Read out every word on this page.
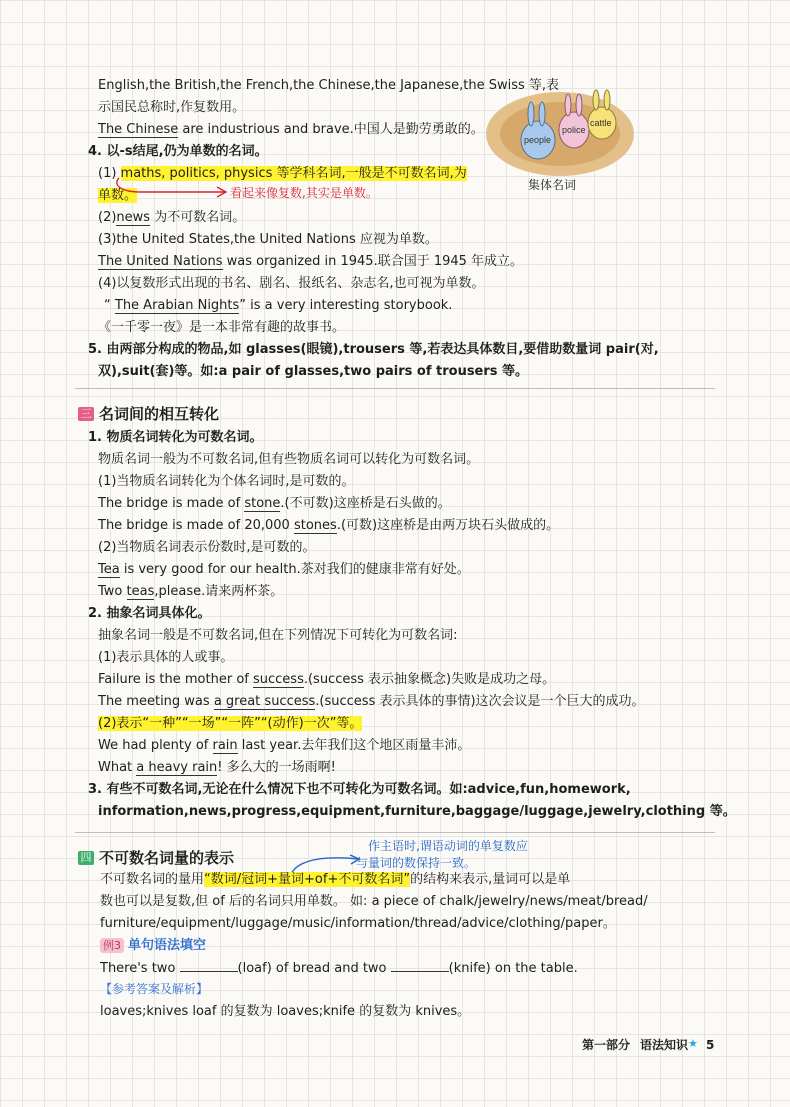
English,the British,the French,the Chinese,the Japanese,the Swiss 等,表
示国民总称时,作复数用。
The Chinese are industrious and brave.中国人是勤劳勇敢的。
4. 以-s结尾,仍为单数的名词。
(1) maths, politics, physics 等学科名词,一般是不可数名词,为
单数。	看起来像复数,其实是单数。
(2)news 为不可数名词。
(3)the United States,the United Nations 应视为单数。
The United Nations was organized in 1945.联合国于 1945 年成立。
(4)以复数形式出现的书名、剧名、报纸名、杂志名,也可视为单数。
“ The Arabian Nights” is a very interesting storybook.
《一千零一夜》是一本非常有趣的故事书。
5. 由两部分构成的物品,如 glasses(眼镜),trousers 等,若表达具体数目,要借助数量词 pair(对,
双),suit(套)等。如:a pair of glasses,two pairs of trousers 等。
people
police
cattle
集体名词
三 名词间的相互转化
1. 物质名词转化为可数名词。
物质名词一般为不可数名词,但有些物质名词可以转化为可数名词。
(1)当物质名词转化为个体名词时,是可数的。
The bridge is made of stone.(不可数)这座桥是石头做的。
The bridge is made of 20,000 stones.(可数)这座桥是由两万块石头做成的。
(2)当物质名词表示份数时,是可数的。
Tea is very good for our health.茶对我们的健康非常有好处。
Two teas,please.请来两杯茶。
2. 抽象名词具体化。
抽象名词一般是不可数名词,但在下列情况下可转化为可数名词:
(1)表示具体的人或事。
Failure is the mother of success.(success 表示抽象概念)失败是成功之母。
The meeting was a great success.(success 表示具体的事情)这次会议是一个巨大的成功。
(2)表示“一种”“一场”“一阵”“(动作)一次”等。
We had plenty of rain last year.去年我们这个地区雨量丰沛。
What a heavy rain! 多么大的一场雨啊!
3. 有些不可数名词,无论在什么情况下也不可转化为可数名词。如:advice,fun,homework,
information,news,progress,equipment,furniture,baggage/luggage,jewelry,clothing 等。
四 不可数名词量的表示
作主语时,谓语动词的单复数应
与量词的数保持一致。
不可数名词的量用“数词/冠词+量词+of+不可数名词”的结构来表示,量词可以是单
数也可以是复数,但 of 后的名词只用单数。 如: a piece of chalk/jewelry/news/meat/bread/
furniture/equipment/luggage/music/information/thread/advice/clothing/paper。
例3 单句语法填空
There's two	(loaf) of bread and two	(knife) on the table.
【参考答案及解析】
loaves;knives loaf 的复数为 loaves;knife 的复数为 knives。
第一部分 语法知识 ★ 5
